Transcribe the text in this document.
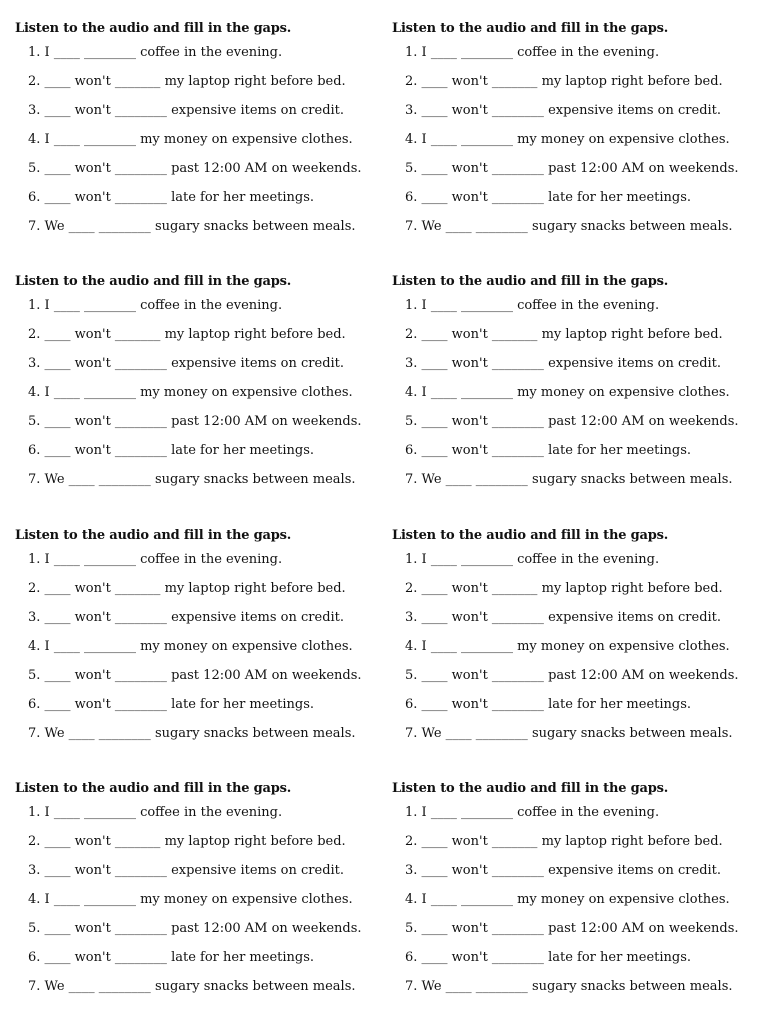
Listen to the audio and fill in the gaps.
1. I ____ ________ coffee in the evening.
2. ____ won't _______ my laptop right before bed.
3. ____ won't ________ expensive items on credit.
4. I ____ ________ my money on expensive clothes.
5. ____ won't ________ past 12:00 AM on weekends.
6. ____ won't ________ late for her meetings.
7. We ____ ________ sugary snacks between meals.
Listen to the audio and fill in the gaps.
1. I ____ ________ coffee in the evening.
2. ____ won't _______ my laptop right before bed.
3. ____ won't ________ expensive items on credit.
4. I ____ ________ my money on expensive clothes.
5. ____ won't ________ past 12:00 AM on weekends.
6. ____ won't ________ late for her meetings.
7. We ____ ________ sugary snacks between meals.
Listen to the audio and fill in the gaps.
1. I ____ ________ coffee in the evening.
2. ____ won't _______ my laptop right before bed.
3. ____ won't ________ expensive items on credit.
4. I ____ ________ my money on expensive clothes.
5. ____ won't ________ past 12:00 AM on weekends.
6. ____ won't ________ late for her meetings.
7. We ____ ________ sugary snacks between meals.
Listen to the audio and fill in the gaps.
1. I ____ ________ coffee in the evening.
2. ____ won't _______ my laptop right before bed.
3. ____ won't ________ expensive items on credit.
4. I ____ ________ my money on expensive clothes.
5. ____ won't ________ past 12:00 AM on weekends.
6. ____ won't ________ late for her meetings.
7. We ____ ________ sugary snacks between meals.
Listen to the audio and fill in the gaps.
1. I ____ ________ coffee in the evening.
2. ____ won't _______ my laptop right before bed.
3. ____ won't ________ expensive items on credit.
4. I ____ ________ my money on expensive clothes.
5. ____ won't ________ past 12:00 AM on weekends.
6. ____ won't ________ late for her meetings.
7. We ____ ________ sugary snacks between meals.
Listen to the audio and fill in the gaps.
1. I ____ ________ coffee in the evening.
2. ____ won't _______ my laptop right before bed.
3. ____ won't ________ expensive items on credit.
4. I ____ ________ my money on expensive clothes.
5. ____ won't ________ past 12:00 AM on weekends.
6. ____ won't ________ late for her meetings.
7. We ____ ________ sugary snacks between meals.
Listen to the audio and fill in the gaps.
1. I ____ ________ coffee in the evening.
2. ____ won't _______ my laptop right before bed.
3. ____ won't ________ expensive items on credit.
4. I ____ ________ my money on expensive clothes.
5. ____ won't ________ past 12:00 AM on weekends.
6. ____ won't ________ late for her meetings.
7. We ____ ________ sugary snacks between meals.
Listen to the audio and fill in the gaps.
1. I ____ ________ coffee in the evening.
2. ____ won't _______ my laptop right before bed.
3. ____ won't ________ expensive items on credit.
4. I ____ ________ my money on expensive clothes.
5. ____ won't ________ past 12:00 AM on weekends.
6. ____ won't ________ late for her meetings.
7. We ____ ________ sugary snacks between meals.
